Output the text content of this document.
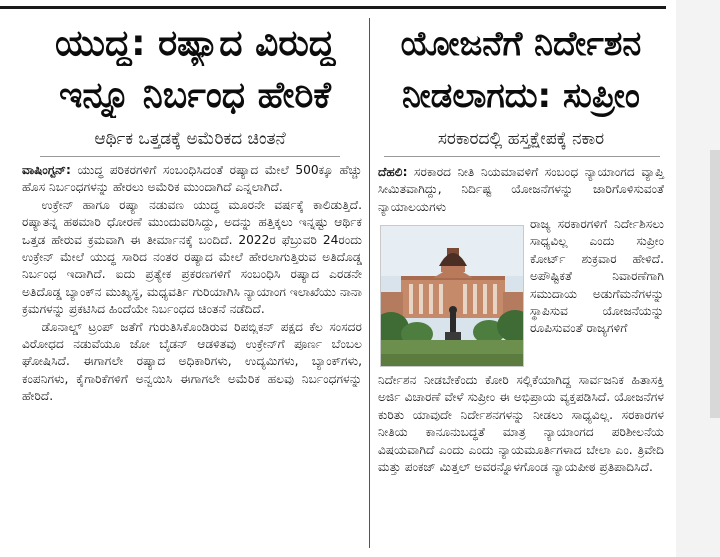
ಯುದ್ಧ: ರಷ್ಯಾದ ವಿರುದ್ಧ
ಇನ್ನೂ ನಿರ್ಬಂಧ ಹೇರಿಕೆ
ಆರ್ಥಿಕ ಒತ್ತಡಕ್ಕೆ ಅಮೆರಿಕದ ಚಿಂತನೆ

ವಾಷಿಂಗ್ಟನ್: ಯುದ್ಧ ಪರಿಕರಗಳಿಗೆ ಸಂಬಂಧಿಸಿದಂತೆ ರಷ್ಯಾದ ಮೇಲೆ 500ಕ್ಕೂ ಹೆಚ್ಚು ಹೊಸ ನಿರ್ಬಂಧಗಳನ್ನು ಹೇರಲು ಅಮೆರಿಕ ಮುಂದಾಗಿದೆ ಎನ್ನಲಾಗಿದೆ.

ಉಕ್ರೇನ್ ಹಾಗೂ ರಷ್ಯಾ ನಡುವಣ ಯುದ್ಧ ಮೂರನೇ ವರ್ಷಕ್ಕೆ ಕಾಲಿಡುತ್ತಿದೆ. ರಷ್ಯಾತನ್ನ ಹಠಮಾರಿ ಧೋರಣೆ ಮುಂದುವರಿಸಿದ್ದು, ಅದನ್ನು ಹತ್ತಿಕ್ಕಲು ಇನ್ನಷ್ಟು ಆರ್ಥಿಕ ಒತ್ತಡ ಹೇರುವ ಕ್ರಮವಾಗಿ ಈ ತೀರ್ಮಾನಕ್ಕೆ ಬಂದಿದೆ. 2022ರ ಫೆಬ್ರುವರಿ 24ರಂದು ಉಕ್ರೇನ್ ಮೇಲೆ ಯುದ್ಧ ಸಾರಿದ ನಂತರ ರಷ್ಯಾದ ಮೇಲೆ ಹೇರಲಾಗುತ್ತಿರುವ ಅತಿದೊಡ್ಡ ನಿರ್ಬಂಧ ಇದಾಗಿದೆ. ಐದು ಪ್ರತ್ಯೇಕ ಪ್ರಕರಣಗಳಿಗೆ ಸಂಬಂಧಿಸಿ ರಷ್ಯಾದ ಎರಡನೇ ಅತಿದೊಡ್ಡ ಬ್ಯಾಂಕ್‌ನ ಮುಖ್ಯಸ್ಥ, ಮಧ್ಯವರ್ತಿ ಗುರಿಯಾಗಿಸಿ ನ್ಯಾಯಾಂಗ ಇಲಾಖೆಯು ನಾನಾ ಕ್ರಮಗಳನ್ನು ಪ್ರಕಟಿಸಿದ ಹಿಂದೆಯೇ ನಿರ್ಬಂಧದ ಚಿಂತನೆ ನಡೆದಿದೆ.

ಡೊನಾಲ್ಡ್ ಟ್ರಂಪ್ ಜತೆಗೆ ಗುರುತಿಸಿಕೊಂಡಿರುವ ರಿಪಬ್ಲಿಕನ್ ಪಕ್ಷದ ಕೆಲ ಸಂಸದರ ವಿರೋಧದ ನಡುವೆಯೂ ಜೋ ಬೈಡನ್ ಆಡಳಿತವು ಉಕ್ರೇನ್‌ಗೆ ಪೂರ್ಣ ಬೆಂಬಲ ಘೋಷಿಸಿದೆ. ಈಗಾಗಲೇ ರಷ್ಯಾದ ಅಧಿಕಾರಿಗಳು, ಉದ್ಯಮಿಗಳು, ಬ್ಯಾಂಕ್‌ಗಳು, ಕಂಪನಿಗಳು, ಕೈಗಾರಿಕೆಗಳಿಗೆ ಅನ್ವಯಿಸಿ ಈಗಾಗಲೇ ಅಮೆರಿಕ ಹಲವು ನಿರ್ಬಂಧಗಳನ್ನು ಹೇರಿದೆ.

ಯೋಜನೆಗೆ ನಿರ್ದೇಶನ
ನೀಡಲಾಗದು: ಸುಪ್ರೀಂ
ಸರಕಾರದಲ್ಲಿ ಹಸ್ತಕ್ಷೇಪಕ್ಕೆ ನಕಾರ
ದೆಹಲಿ: ಸರಕಾರದ ನೀತಿ ನಿಯಮಾವಳಿಗೆ ಸಂಬಂಧ ನ್ಯಾಯಾಂಗದ ವ್ಯಾಪ್ತಿ ಸೀಮಿತವಾಗಿದ್ದು, ನಿರ್ದಿಷ್ಟ ಯೋಜನೆಗಳನ್ನು ಜಾರಿಗೊಳಿಸುವಂತೆ ನ್ಯಾಯಾಲಯಗಳು
ರಾಜ್ಯ ಸರಕಾರಗಳಿಗೆ ನಿರ್ದೇಶಿಸಲು ಸಾಧ್ಯವಿಲ್ಲ ಎಂದು ಸುಪ್ರೀಂ ಕೋರ್ಟ್ ಶುಕ್ರವಾರ ಹೇಳಿದೆ. ಅಪೌಷ್ಟಿಕತೆ ನಿವಾರಣೆಗಾಗಿ ಸಮುದಾಯ ಅಡುಗೆಮನೆಗಳನ್ನು ಸ್ಥಾಪಿಸುವ ಯೋಜನೆಯನ್ನು ರೂಪಿಸುವಂತೆ ರಾಜ್ಯಗಳಿಗೆ
ನಿರ್ದೇಶನ ನೀಡಬೇಕೆಂದು ಕೋರಿ ಸಲ್ಲಿಕೆಯಾಗಿದ್ದ ಸಾರ್ವಜನಿಕ ಹಿತಾಸಕ್ತಿ ಅರ್ಜಿ ವಿಚಾರಣೆ ವೇಳೆ ಸುಪ್ರೀಂ ಈ ಅಭಿಪ್ರಾಯ ವ್ಯಕ್ತಪಡಿಸಿದೆ. ಯೋಜನೆಗಳ ಕುರಿತು ಯಾವುದೇ ನಿರ್ದೇಶನಗಳನ್ನು ನೀಡಲು ಸಾಧ್ಯವಿಲ್ಲ. ಸರಕಾರಗಳ ನೀತಿಯ ಕಾನೂನುಬದ್ಧತೆ ಮಾತ್ರ ನ್ಯಾಯಾಂಗದ ಪರಿಶೀಲನೆಯ ವಿಷಯವಾಗಿದೆ ಎಂದು ಎಂದು ನ್ಯಾಯಮೂರ್ತಿಗಳಾದ ಬೇಲಾ ಎಂ. ತ್ರಿವೇದಿ ಮತ್ತು ಪಂಕಜ್ ಮಿತ್ತಲ್ ಅವರನ್ನೊಳಗೊಂಡ ನ್ಯಾಯಪೀಠ ಪ್ರತಿಪಾದಿಸಿದೆ.
